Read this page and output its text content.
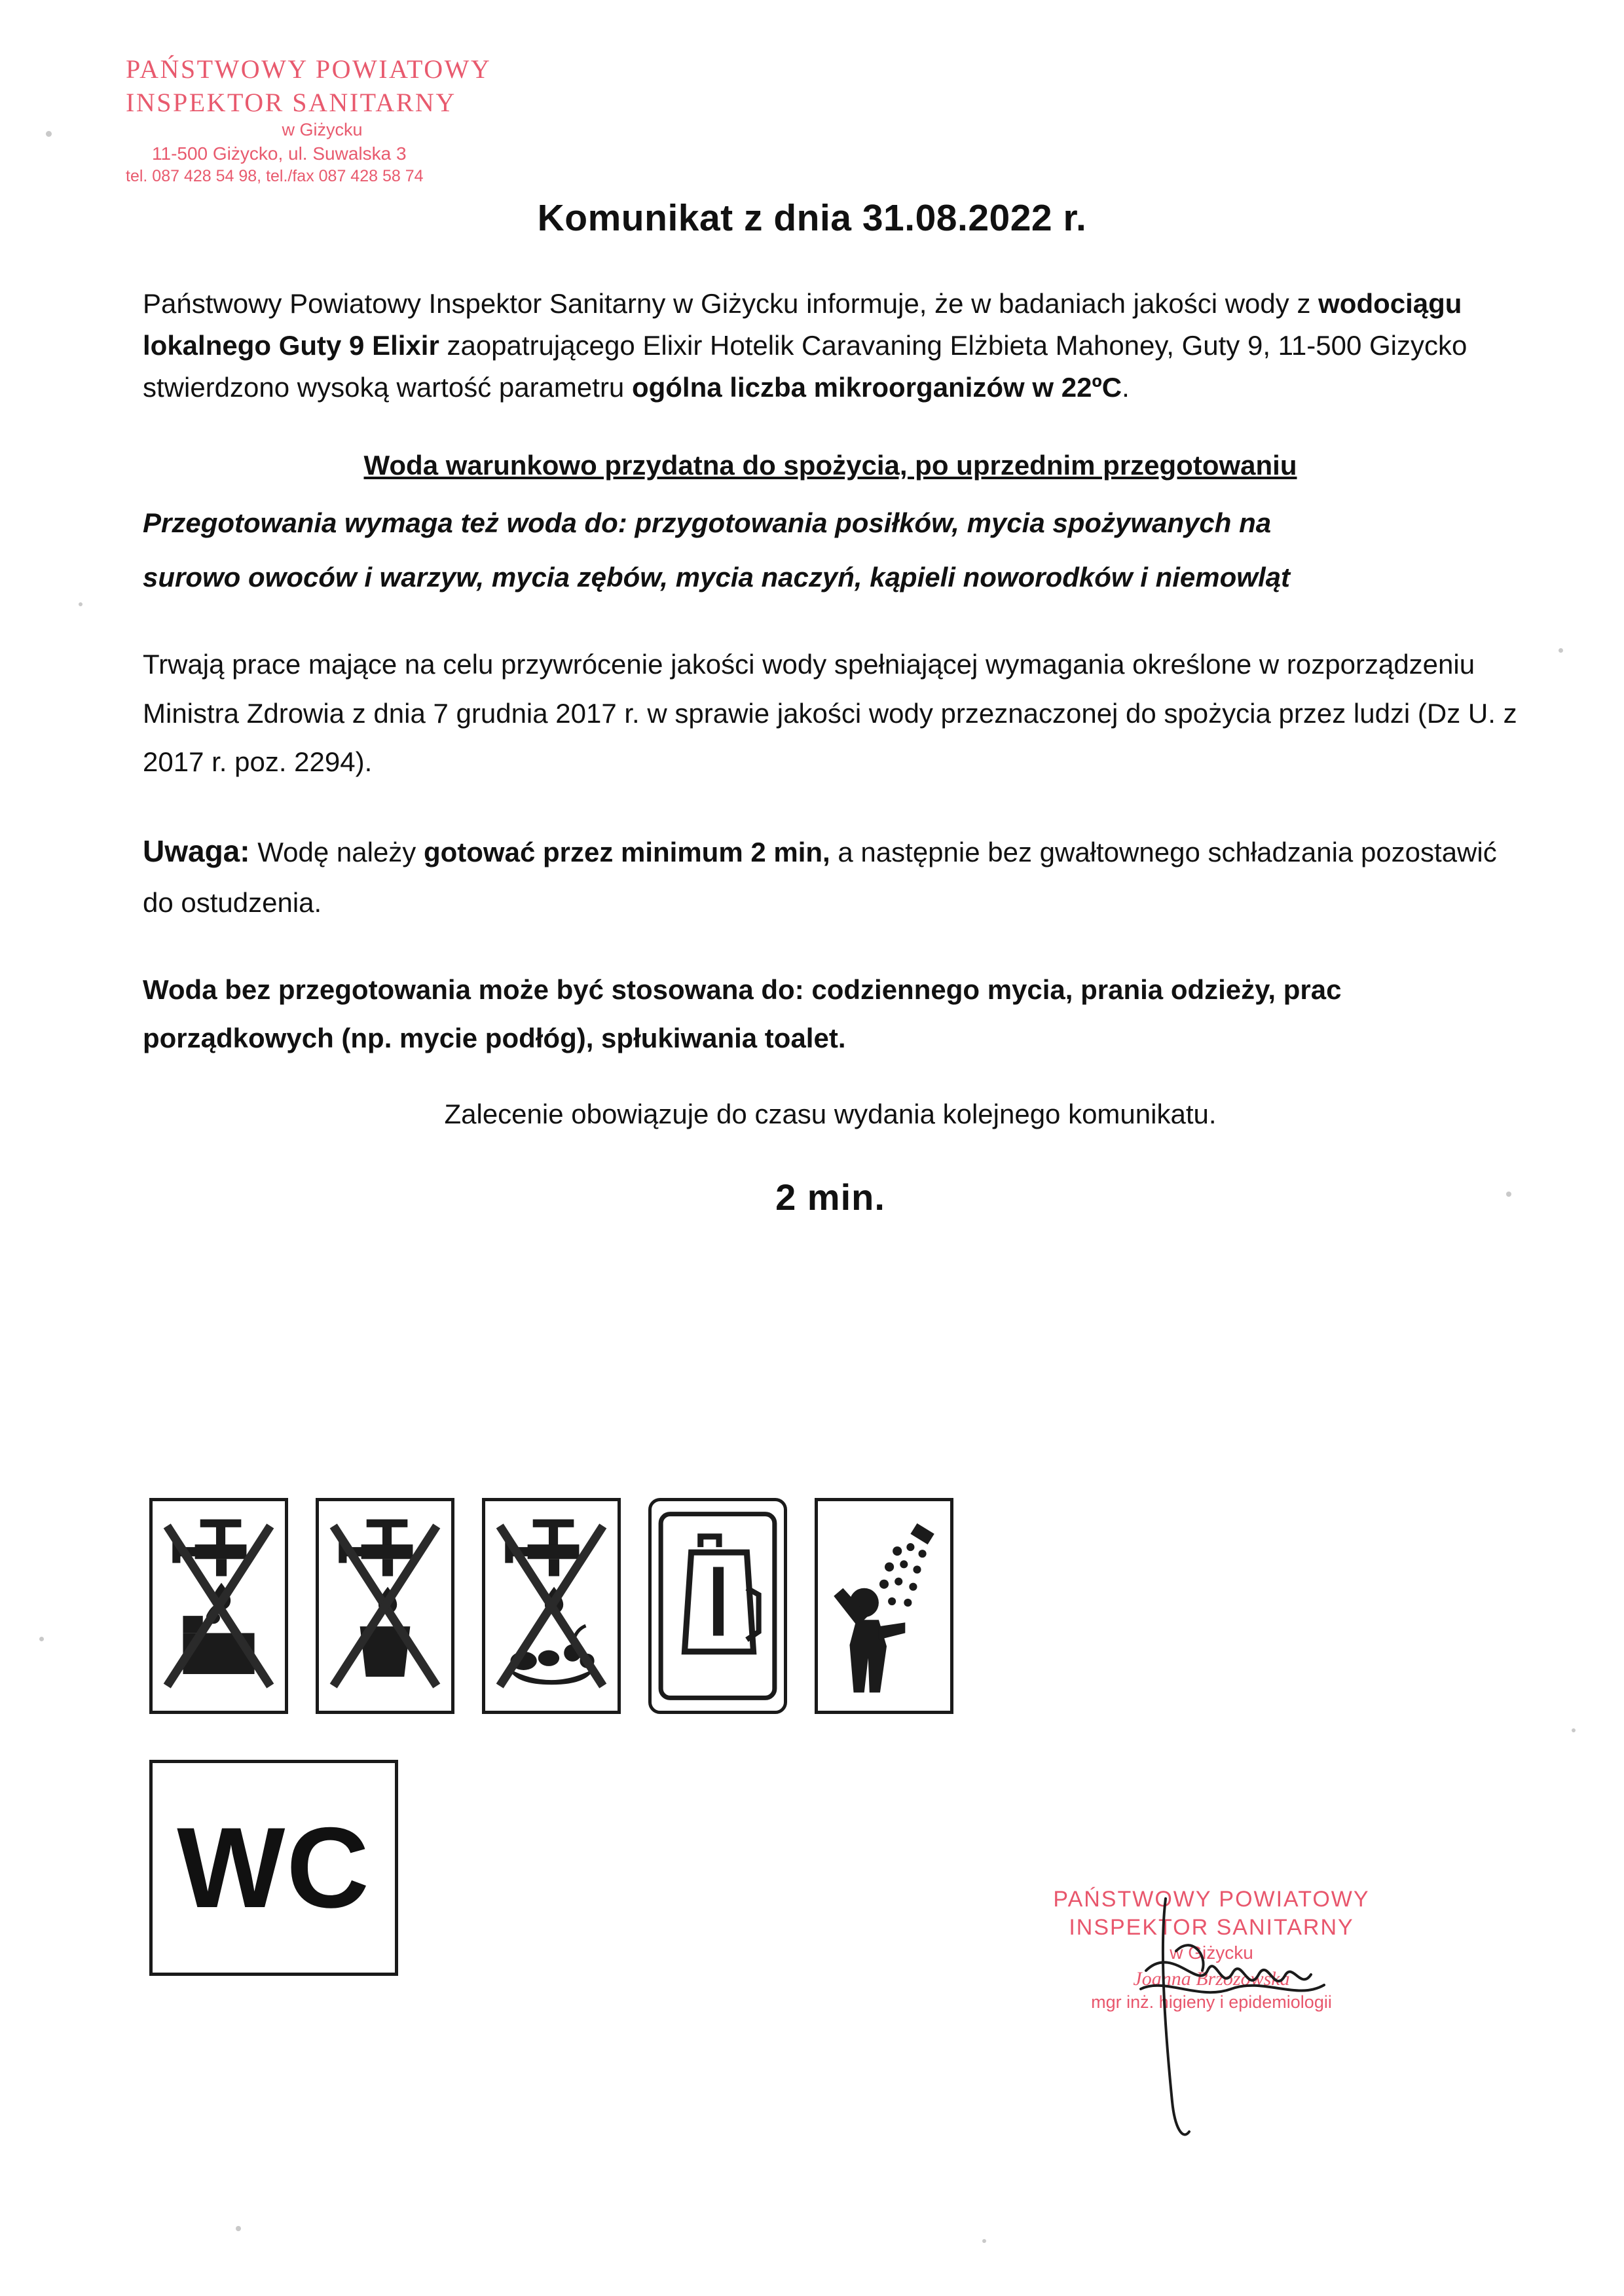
PAŃSTWOWY POWIATOWY
INSPEKTOR SANITARNY
w Giżycku
11-500 Giżycko, ul. Suwalska 3
tel. 087 428 54 98, tel./fax 087 428 58 74
Komunikat z dnia 31.08.2022 r.

Państwowy Powiatowy Inspektor Sanitarny w Giżycku informuje, że w badaniach jakości wody z wodociągu lokalnego Guty 9 Elixir zaopatrującego Elixir Hotelik Caravaning Elżbieta Mahoney, Guty 9, 11-500 Gizycko stwierdzono wysoką wartość parametru ogólna liczba mikroorganizów w 22ºC.

Woda warunkowo przydatna do spożycia, po uprzednim przegotowaniu

Przegotowania wymaga też woda do: przygotowania posiłków, mycia spożywanych na

surowo owoców i warzyw, mycia zębów, mycia naczyń, kąpieli noworodków i niemowląt

Trwają prace mające na celu przywrócenie jakości wody spełniającej wymagania określone w rozporządzeniu Ministra Zdrowia z dnia 7 grudnia 2017 r. w sprawie jakości wody przeznaczonej do spożycia przez ludzi (Dz U. z 2017 r. poz. 2294).

Uwaga: Wodę należy gotować przez minimum 2 min, a następnie bez gwałtownego schładzania pozostawić do ostudzenia.

Woda bez przegotowania może być stosowana do: codziennego mycia, prania odzieży, prac porządkowych (np. mycie podłóg), spłukiwania toalet.

Zalecenie obowiązuje do czasu wydania kolejnego komunikatu.

2 min.

WC	PAŃSTWOWY POWIATOWY
INSPEKTOR SANITARNY
w Giżycku
Joanna Brzozowska
mgr inż. higieny i epidemiologii
